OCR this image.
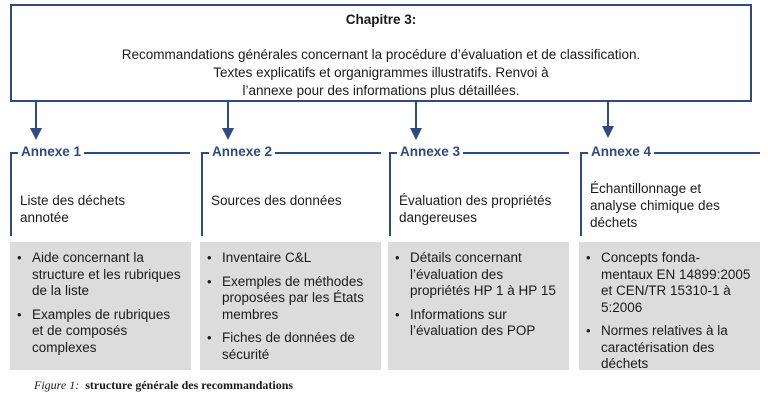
Chapitre 3:
Recommandations générales concernant la procédure d’évaluation et de classification.
Textes explicatifs et organigrammes illustratifs. Renvoi à
l’annexe pour des informations plus détaillées.
Annexe 1
Liste des déchets
annotée
Annexe 2
Sources des données
Annexe 3
Évaluation des propriétés
dangereuses
Annexe 4
Échantillonnage et
analyse chimique des
déchets
• Aide concernant la structure et les rubriques de la liste
• Examples de rubriques et de composés complexes
• Inventaire C&L
• Exemples de méthodes proposées par les États membres
• Fiches de données de sécurité
• Détails concernant l’évaluation des propriétés HP 1 à HP 15
• Informations sur l’évaluation des POP
• Concepts fonda- mentaux EN 14899:2005 et CEN/TR 15310-1 à 5:2006
• Normes relatives à la caractérisation des déchets
Figure 1: structure générale des recommandations
